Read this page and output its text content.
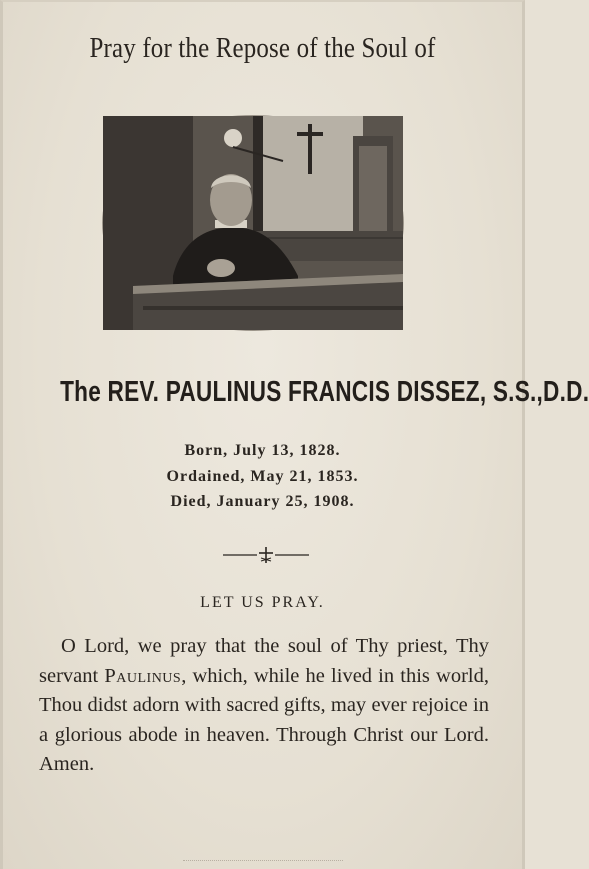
Pray for the Repose of the Soul of
The REV. PAULINUS FRANCIS DISSEZ, S.S.,D.D.
Born, July 13, 1828.
Ordained, May 21, 1853.
Died, January 25, 1908.
LET US PRAY.
O Lord, we pray that the soul of Thy priest, Thy servant Paulinus, which, while he lived in this world, Thou didst adorn with sacred gifts, may ever rejoice in a glorious abode in heaven. Through Christ our Lord. Amen.
